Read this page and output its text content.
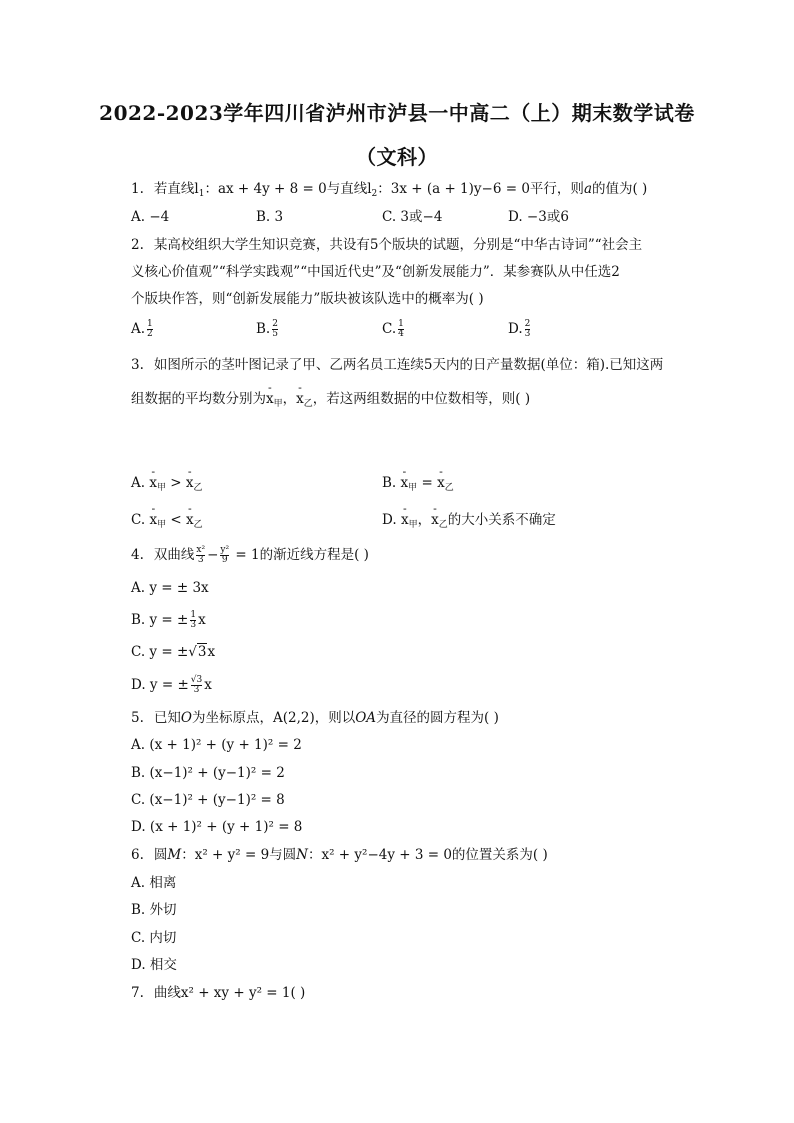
2022-2023学年四川省泸州市泸县一中高二（上）期末数学试卷
（文科）
1. 若直线$l_1$：ax + 4y + 8 = 0与直线$l_2$：3x + (a + 1)y−6 = 0平行，则a的值为( )
A. −4	B. 3	C. 3或−4	D. −3或6
2. 某高校组织大学生知识竞赛，共设有5个版块的试题，分别是“中华古诗词”“社会主
义核心价值观”“科学实践观”“中国近代史”及“创新发展能力”．某参赛队从中任选2
个版块作答，则“创新发展能力”版块被该队选中的概率为( )
A. $\frac{1}{2}$	B. $\frac{2}{5}$	C. $\frac{1}{4}$	D. $\frac{2}{3}$
3. 如图所示的茎叶图记录了甲、乙两名员工连续5天内的日产量数据(单位：箱).已知这两
组数据的平均数分别为- $x_甲$，- $x_乙$，若这两组数据的中位数相等，则( )
A. - $x_甲$ > - $x_乙$	B. - $x_甲$ = - $x_乙$
C. - $x_甲$ < - $x_乙$	D. - $x_甲$，- $x_乙$的大小关系不确定
4. 双曲线 $\frac{\text{x²}}{3} - \frac{\text{y²}}{9} = 1$的渐近线方程是( )
A. y = ± 3x
B. y = ± $\frac{1}{3}$ x
C. y = ±√3x
D. y = ± $\frac{√3}{3}$ x
5. 已知O为坐标原点，A(2,2)，则以OA为直径的圆方程为( )
A. (x + 1)² + (y + 1)² = 2
B. (x−1)² + (y−1)² = 2
C. (x−1)² + (y−1)² = 8
D. (x + 1)² + (y + 1)² = 8
6. 圆M：x² + y² = 9与圆N：x² + y²−4y + 3 = 0的位置关系为( )
A. 相离
B. 外切
C. 内切
D. 相交
7. 曲线x² + xy + y² = 1( )
